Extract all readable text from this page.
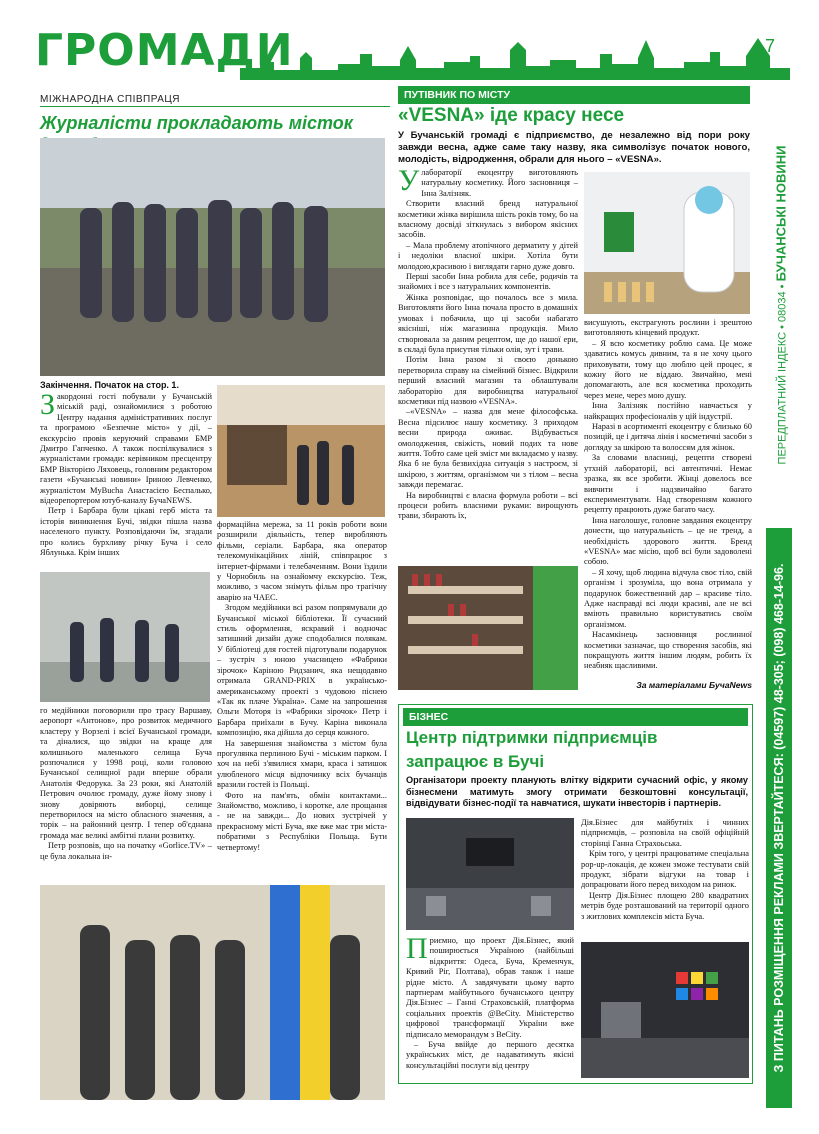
ГРОМАДИ	7
ПЕРЕДПЛАТНИЙ ІНДЕКС • 08034 • БУЧАНСЬКІ НОВИНИ
З ПИТАНЬ РОЗМІЩЕННЯ РЕКЛАМИ ЗВЕРТАЙТЕСЯ: (04597) 48-305; (098) 468-14-96.
МІЖНАРОДНА СПІВПРАЦЯ
Журналісти прокладають місток
Закінчення. Початок на стор. 1.
Закордонні гості побували у Бучанській міській раді, ознайомилися з роботою Центру надання адміністративних послуг та програмою «Безпечне місто» у дії, – екскурсію провів керуючий справами БМР Дмитро Гапченко. А також поспілкувалися з журналістами громади: керівником пресцентру БМР Вікторією Ляховець, головним редактором газети «Бучанські новини» Іриною Левченко, журналістом MyBucha Анастасією Беспалько, відеорепортером ютуб-каналу БучаNEWS.

Петр і Барбара були цікаві герб міста та історія виникнення Бучі, звідки пішла назва населеного пункту. Розповідаючи їм, згадали про колись бурхливу річку Буча і село Яблунька. Крім інших

го медійники поговорили про трасу Варшаву, аеропорт «Антонов», про розвиток медичного кластеру у Ворзелі і всієї Бучанської громади, та діналися, що звідки на краще для колишнього маленького селища Буча розпочалися у 1998 році, коли головою Бучанської селищної ради вперше обрали Анатолія Федорука. За 23 роки, які Анатолій Петрович очолює громаду, дуже йому знову і знову довіряють виборці, селище перетворилося на місто обласного значення, а торік – на районний центр. І тепер об'єднана громада має великі амбітні плани розвитку.

Петр розповів, що на початку «Gorlice.TV» – це була локальна ін-

формаційна мережа, за 11 років роботи вони розширили діяльність, тепер виробляють фільми, серіали. Барбара, яка оператор телекомунікаційних ліній, співпрацює з інтернет-фірмами і телебаченням. Вони їздили у Чорнобиль на ознайомчу екскурсію. Теж, можливо, з часом знімуть фільм про трагічну аварію на ЧАЕС.

Згодом медійники всі разом попрямували до Бучанської міської бібліотеки. Її сучасний стиль оформлення, яскравий і водночас затишний дизайн дуже сподобалися полякам. У бібліотеці для гостей підготували подарунок – зустріч з юною учасницею «Фабрики зірочок» Каріною Ридзанич, яка нещодавно отримала GRAND-PRIX в українсько-американському проекті з чудовою піснею «Так як плаче Україна». Саме на запрошення Ольги Моторя із «Фабрики зірочок» Петр і Барбара приїхали в Бучу. Каріна виконала композицію, яка дійшла до серця кожного.

На завершення знайомства з містом була прогулянка перлиною Бучі - міським парком. І хоч на небі з'явилися хмари, краса і затишок улюбленого місця відпочинку всіх бучанців вразили гостей із Польщі.

Фото на пам'ять, обмін контактами... Знайомство, можливо, і коротке, але прощання - не на завжди... До нових зустрічей у прекрасному місті Буча, яке вже має три міста-побратими з Республіки Польща. Бути четвертому!

ПУТІВНИК ПО МІСТУ
«VESNA» іде красу несе
У Бучанській громаді є підприємство, де незалежно від пори року завжди весна, адже саме таку назву, яка символізує початок нового, молодість, відродження, обрали для нього – «VESNA».
Улабораторії екоцентру виготовляють натуральну косметику. Його засновниця – Інна Залізняк.

Створити власний бренд натуральної косметики жінка вирішила шість років тому, бо на власному досвіді зіткнулась з вибором якісних засобів.

– Мала проблему атопічного дерматиту у дітей і недоліки власної шкіри. Хотіла бути молодою,красивою і виглядати гарно дуже довго.

Перші засоби Інна робила для себе, родичів та знайомих і все з натуральних компонентів.

Жінка розповідає, що почалось все з мила. Виготовляти його Інна почала просто в домашніх умовах і побачила, що ці засоби набагато якісніші, ніж магазинна продукція. Мило створювала за даним рецептом, ще до нашої ери, в складі була присутня тільки олія, зут і трави.

Потім Інна разом зі своєю донькою перетворила справу на сімейний бізнес. Відкрили перший власний магазин та облаштували лабораторію для виробництва натуральної косметики під назвою «VESNA».

–«VESNA» – назва для мене філософська. Весна підсилює нашу косметику. З приходом весни природа оживає. Відбувається омолодження, свіжість, новий подих та нове життя. Тобто саме цей зміст ми вкладаємо у назву. Яка б не була безвихідна ситуація з настроєм, зі шкірою, з життям, організмом чи з тілом – весна завжди перемагає.

На виробництві є власна формула роботи – всі процеси робить власними руками: вирощують трави, збирають їх,

висушують, екстрагують рослини і зрештою виготовляють кінцевий продукт.

– Я всю косметику роблю сама. Це може здаватись комусь дивним, та я не хочу цього приховувати, тому що люблю цей процес, я кожну його не віддаю. Звичайно, мені допомагають, але вся косметика проходить через мене, через мою душу.

Інна Залізняк постійно навчається у найкращих професіоналів у цій індустрії.

Наразі в асортименті екоцентру є близько 60 позицій, це і дитяча лінія і косметичні засоби з догляду за шкірою та волоссям для жінок.

За словами власниці, рецепти створені утхній лабораторії, всі автентичні. Немає зразка, як все зробити. Жінці довелось все вивчити і надзвичайно багато експериментувати. Над створенням кожного рецепту працюють дуже багато часу.

Інна наголошує, головне завдання екоцентру донести, що натуральність – це не тренд, а необхідність здорового життя. Бренд «VESNA» має місію, щоб всі були задоволені собою.

– Я хочу, щоб людина відчула своє тіло, свій організм і зрозуміла, що вона отримала у подарунок божественний дар – красиве тіло. Адже насправді всі люди красиві, але не всі вміють правильно користуватись своїм організмом.

Насамкінець засновниця рослинної косметики зазначає, що створення засобів, які покращують життя іншим людям, робить їх неабияк щасливими.

За матеріалами БучаNews
БІЗНЕС
Центр підтримки підприємців запрацює в Бучі
Організатори проекту планують влітку відкрити сучасний офіс, у якому бізнесмени матимуть змогу отримати безкоштовні консультації, відвідувати бізнес-події та навчатися, шукати інвесторів і партнерів.

Дія.Бізнес для майбутніх і чинних підприємців, – розповіла на своїй офіційній сторінці Ганна Страхоьська.

Крім того, у центрі працюватиме спеціальна pop-up-локація, де кожен зможе тестувати свій продукт, зібрати відгуки на товар і допрацювати його перед виходом на ринок.

Центр Дія.Бізнес площею 280 квадратних метрів буде розташований на території одного з житлових комплексів міста Буча.

Приємно, що проект Дія.Бізнес, який поширюється Україною (найбільші відкриття: Одеса, Буча, Кременчук, Кривий Ріг, Полтава), обрав також і наше рідне місто. А завдячувати цьому варто партнерам майбутнього бучанського центру Дія.Бізнес – Ганні Страховській, платформа соціальних проектів @BeCity. Міністерство цифрової трансформації України вже підписало меморандум з BeCity.

– Буча ввійде до першого десятка українських міст, де надаватимуть якісні консультаційні послуги від центру
